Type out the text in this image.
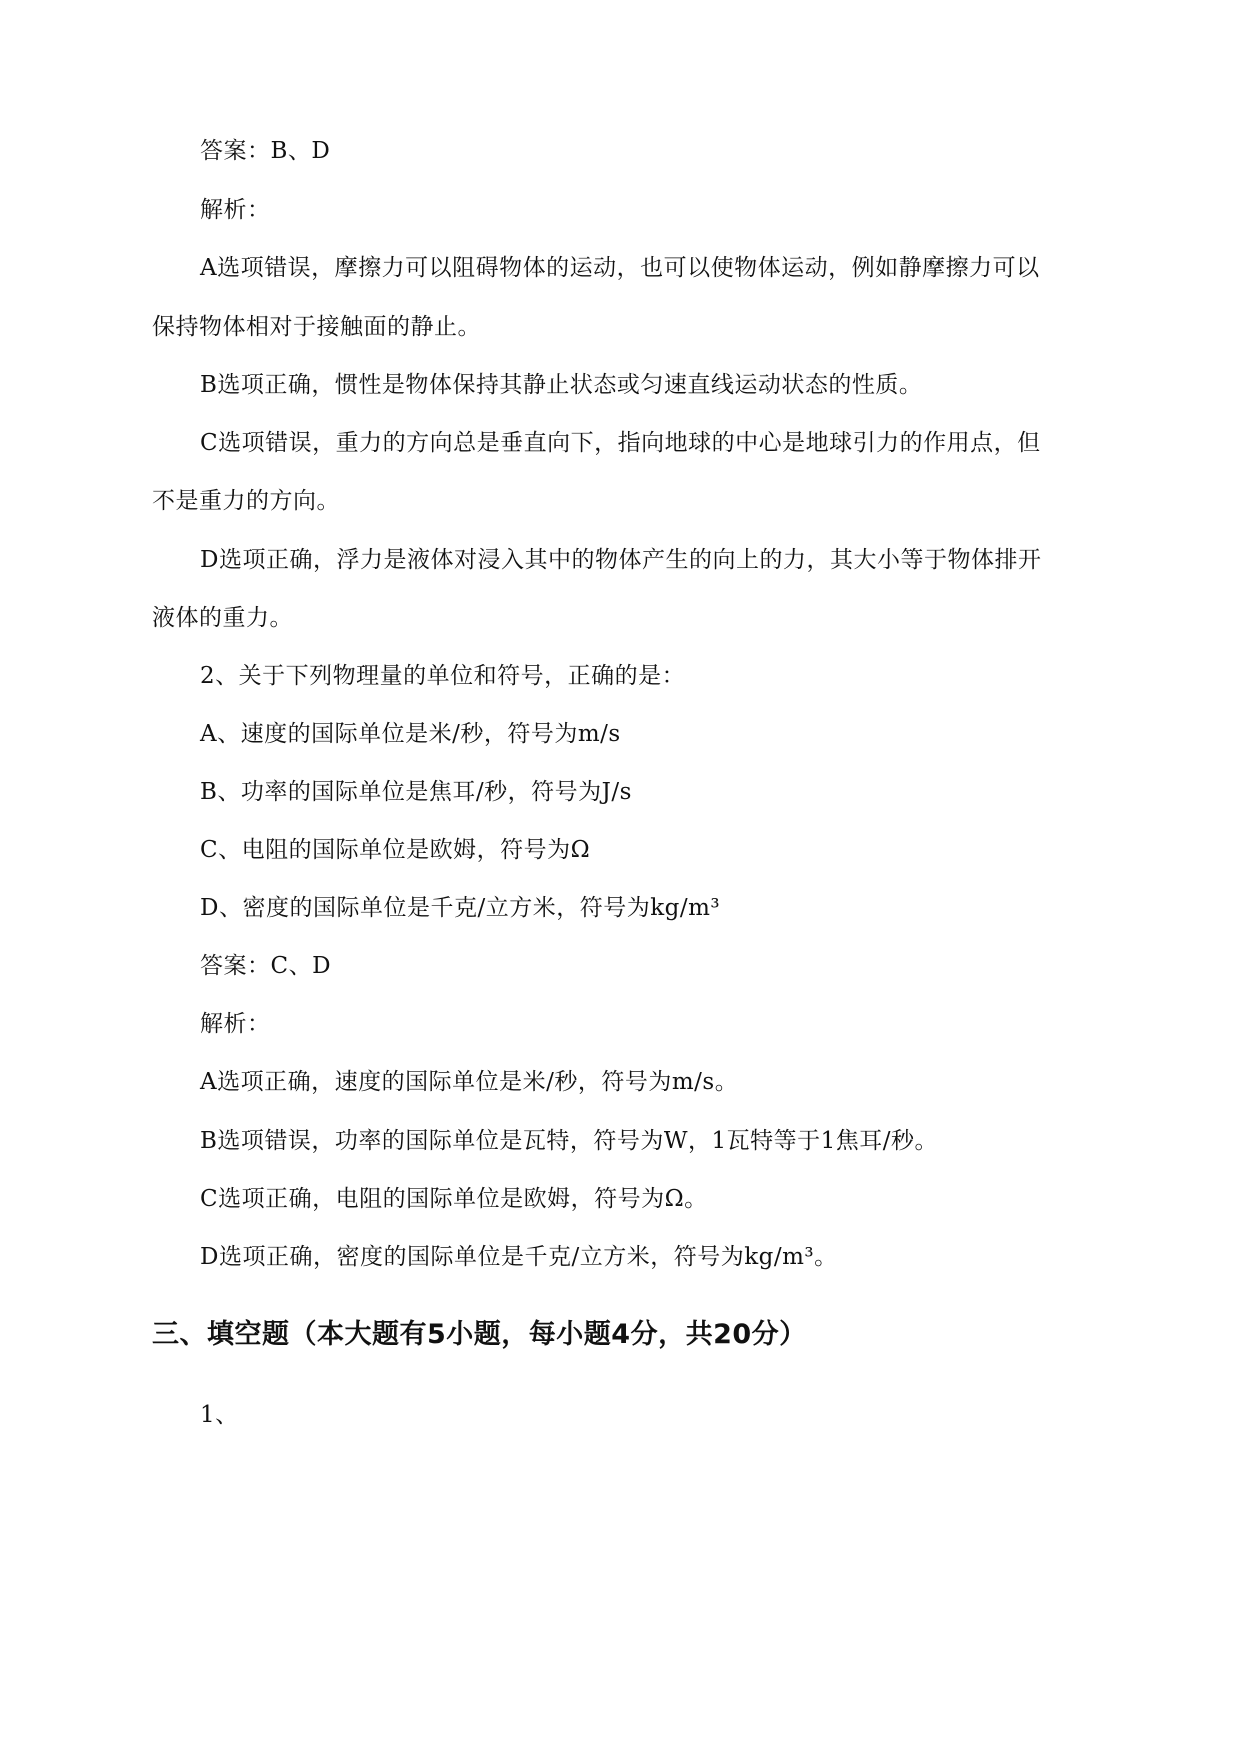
答案：B、D
解析：
A选项错误，摩擦力可以阻碍物体的运动，也可以使物体运动，例如静摩擦力可以
保持物体相对于接触面的静止。
B选项正确，惯性是物体保持其静止状态或匀速直线运动状态的性质。
C选项错误，重力的方向总是垂直向下，指向地球的中心是地球引力的作用点，但
不是重力的方向。
D选项正确，浮力是液体对浸入其中的物体产生的向上的力，其大小等于物体排开
液体的重力。
2、关于下列物理量的单位和符号，正确的是：
A、速度的国际单位是米/秒，符号为m/s
B、功率的国际单位是焦耳/秒，符号为J/s
C、电阻的国际单位是欧姆，符号为Ω
D、密度的国际单位是千克/立方米，符号为kg/m³
答案：C、D
解析：
A选项正确，速度的国际单位是米/秒，符号为m/s。
B选项错误，功率的国际单位是瓦特，符号为W，1瓦特等于1焦耳/秒。
C选项正确，电阻的国际单位是欧姆，符号为Ω。
D选项正确，密度的国际单位是千克/立方米，符号为kg/m³。
三、填空题（本大题有5小题，每小题4分，共20分）
1、
